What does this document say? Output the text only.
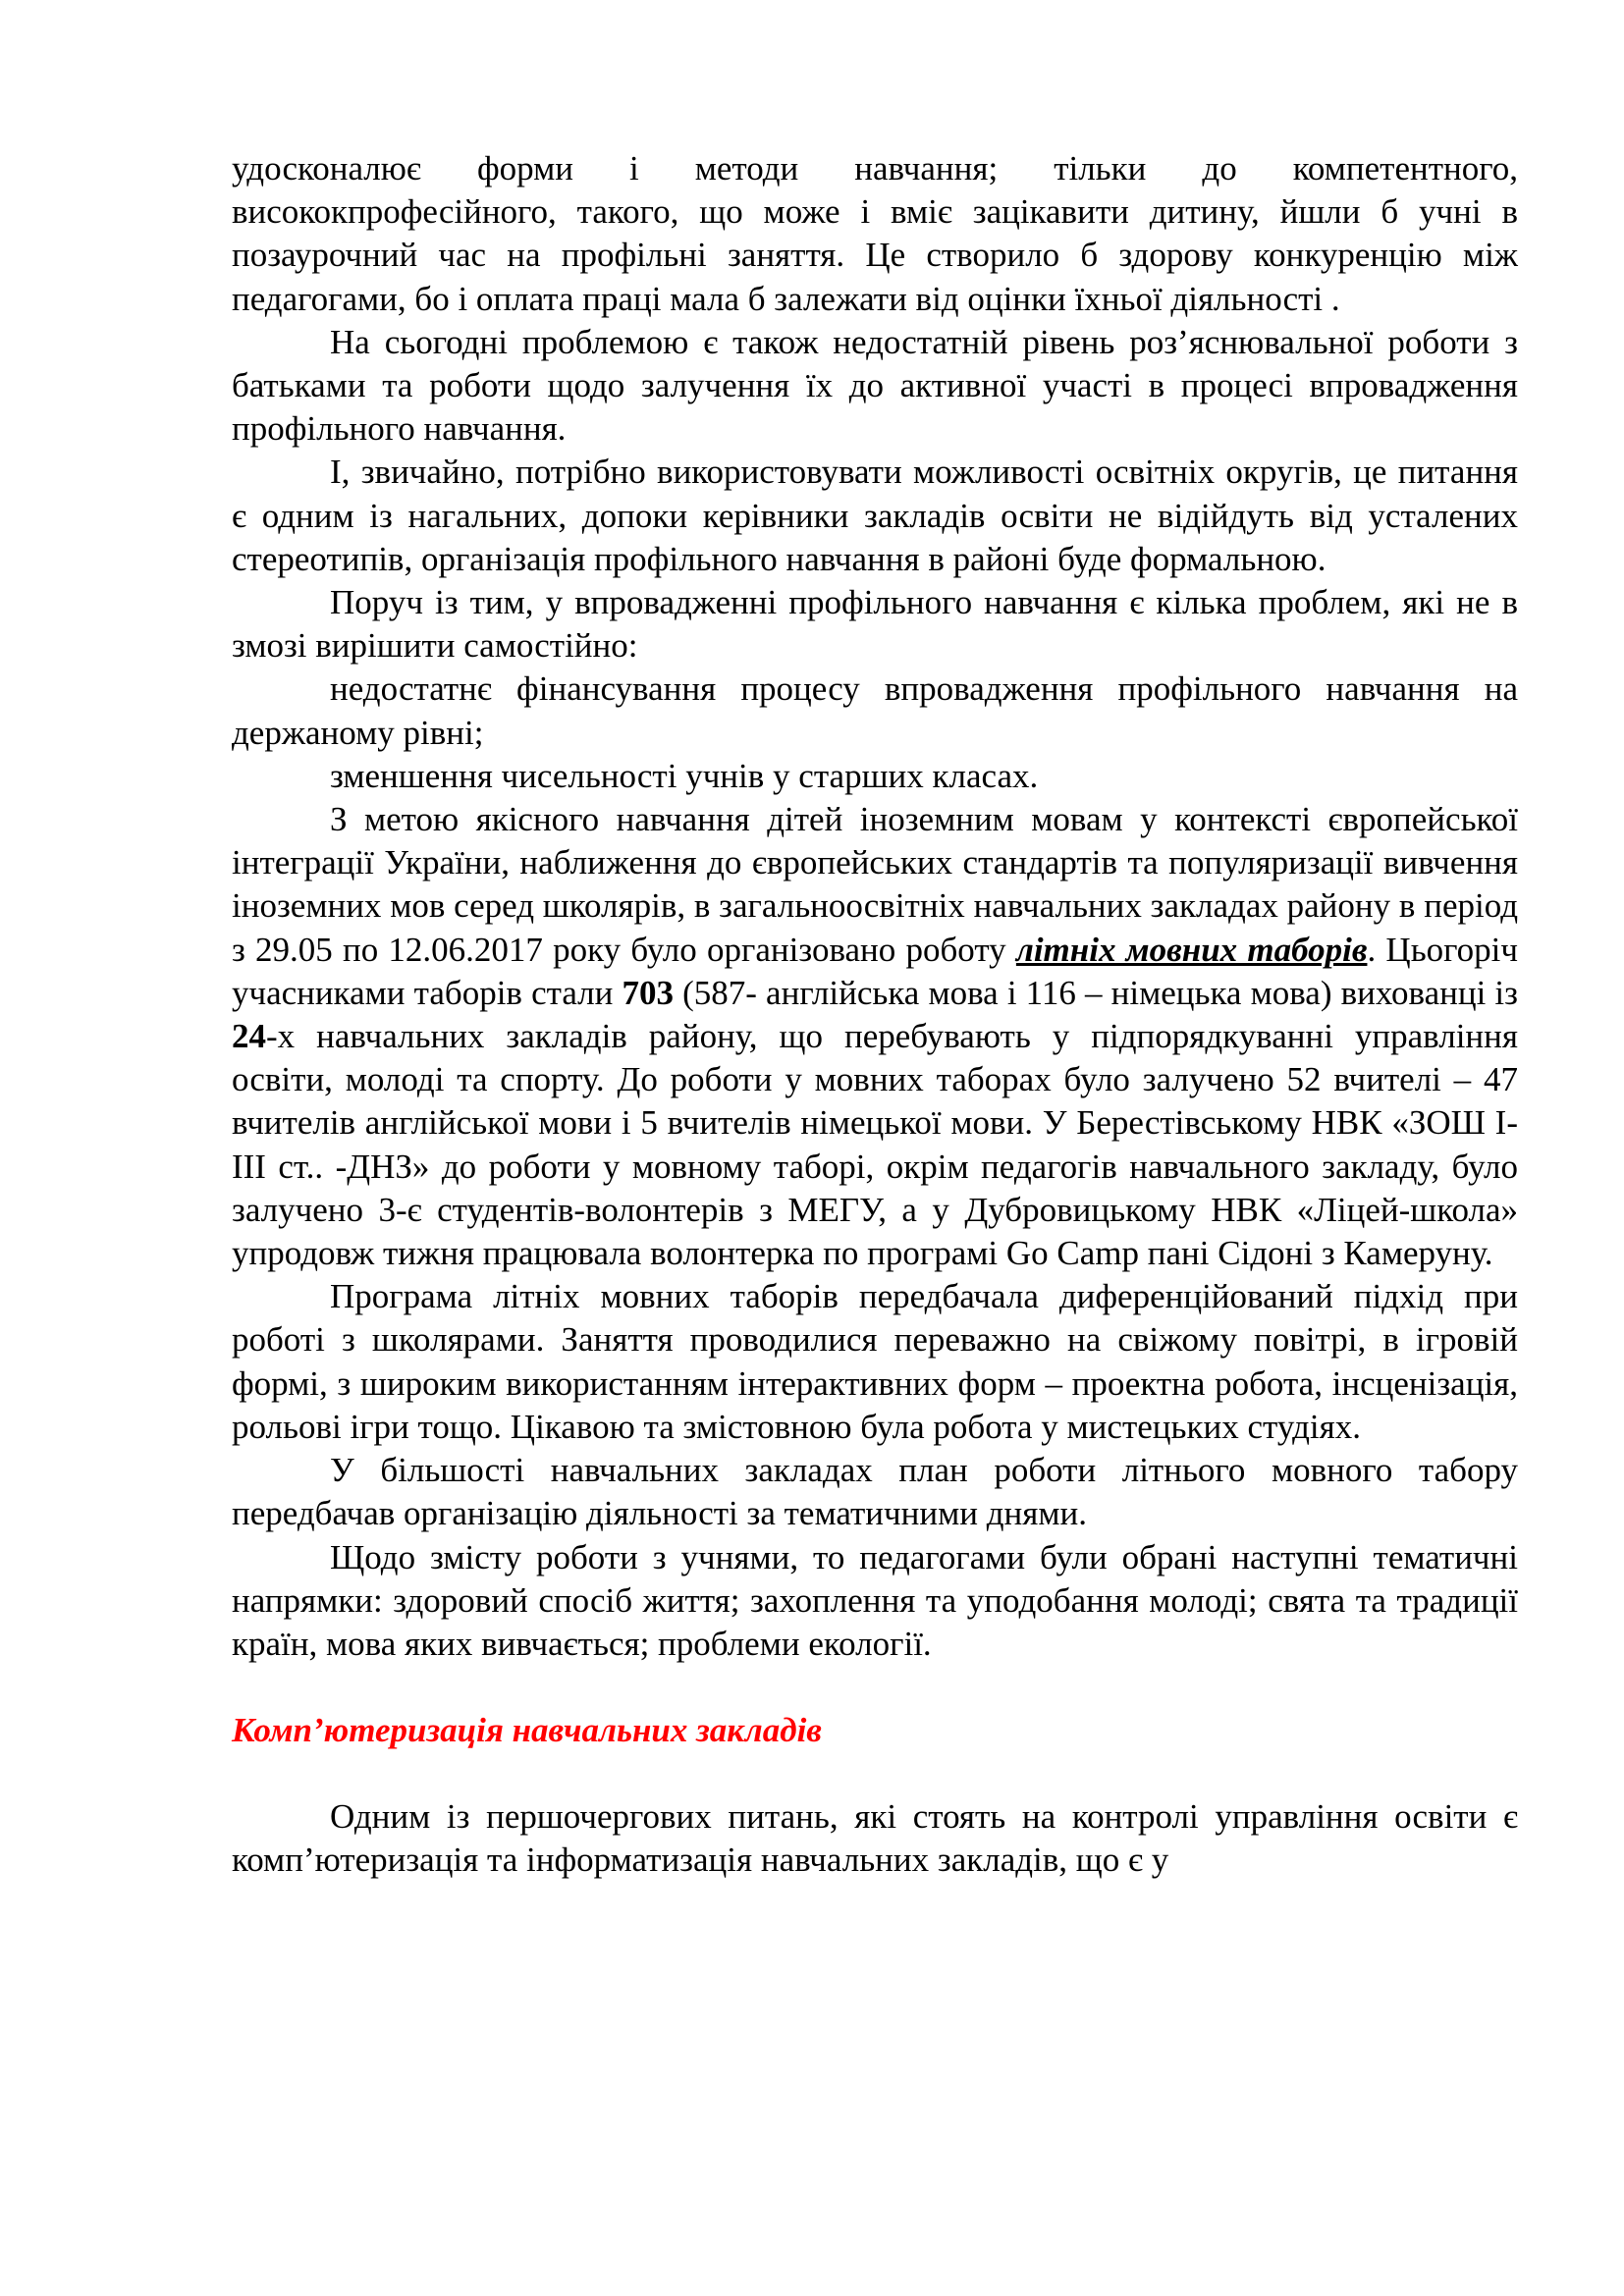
удосконалює форми і методи навчання; тільки до компетентного, висококпрофесійного, такого, що може і вміє зацікавити дитину, йшли б учні в позаурочний час на профільні заняття. Це створило б здорову конкуренцію між педагогами, бо і оплата праці мала б залежати від оцінки їхньої діяльності .

На сьогодні проблемою є також недостатній рівень роз’яснювальної роботи з батьками та роботи щодо залучення їх до активної участі в процесі впровадження профільного навчання.

І, звичайно, потрібно використовувати можливості освітніх округів, це питання є одним із нагальних, допоки керівники закладів освіти не відійдуть від усталених стереотипів, організація профільного навчання в районі буде формальною.

Поруч із тим, у впровадженні профільного навчання є кілька проблем, які не в змозі вирішити самостійно:

недостатнє фінансування процесу впровадження профільного навчання на держаному рівні;

зменшення чисельності учнів у старших класах.

З метою якісного навчання дітей іноземним мовам у контексті європейської інтеграції України, наближення до європейських стандартів та популяризації вивчення іноземних мов серед школярів, в загальноосвітніх навчальних закладах району в період з 29.05 по 12.06.2017 року було організовано роботу літніх мовних таборів. Цьогоріч учасниками таборів стали 703 (587- англійська мова і 116 – німецька мова) вихованці із 24-х навчальних закладів району, що перебувають у підпорядкуванні управління освіти, молоді та спорту. До роботи у мовних таборах було залучено 52 вчителі – 47 вчителів англійської мови і 5 вчителів німецької мови. У Берестівському НВК «ЗОШ І-ІІІ ст.. -ДНЗ» до роботи у мовному таборі, окрім педагогів навчального закладу, було залучено 3-є студентів-волонтерів з МЕГУ, а у Дубровицькому НВК «Ліцей-школа» упродовж тижня працювала волонтерка по програмі Go Camp пані Сідоні з Камеруну.

Програма літніх мовних таборів передбачала диференційований підхід при роботі з школярами. Заняття проводилися переважно на свіжому повітрі, в ігровій формі, з широким використанням інтерактивних форм – проектна робота, інсценізація, рольові ігри тощо. Цікавою та змістовною була робота у мистецьких студіях.

У більшості навчальних закладах план роботи літнього мовного табору передбачав організацію діяльності за тематичними днями.

Щодо змісту роботи з учнями, то педагогами були обрані наступні тематичні напрямки: здоровий спосіб життя; захоплення та уподобання молоді; свята та традиції країн, мова яких вивчається; проблеми екології.

Комп’ютеризація навчальних закладів

Одним із першочергових питань, які стоять на контролі управління освіти є комп’ютеризація та інформатизація навчальних закладів, що є у
